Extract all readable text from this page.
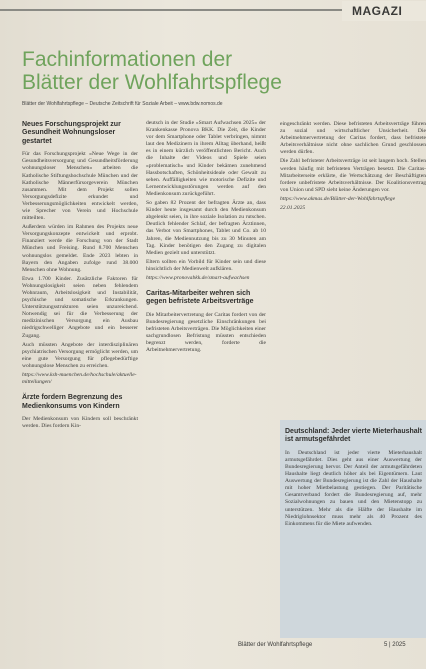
MAGAZI
Fachinformationen der
Blätter der Wohlfahrtspflege
Blätter der Wohlfahrtspflege – Deutsche Zeitschrift für Soziale Arbeit – www.bdw.nomos.de
Neues Forschungsprojekt zur Gesundheit Wohnungsloser gestartet

Für das Forschungsprojekt »Neue Wege in der Gesundheitsversorgung und Gesundheitsförderung wohnungsloser Menschen« arbeiten die Katholische Stiftungshochschule München und der Katholische Männerfürsorgeverein München zusammen. Mit dem Projekt sollen Versorgungsdefizite erkundet und Verbesserungsmöglichkeiten entwickelt werden, wie Sprecher von Verein und Hochschule mitteilten.

Außerdem würden im Rahmen des Projekts neue Versorgungskonzepte entwickelt und erprobt. Finanziert werde die Forschung von der Stadt München und Freising. Rund 8.700 Menschen wohnungslos gemeldet. Ende 2023 lebten in Bayern den Angaben zufolge rund 38.000 Menschen ohne Wohnung.

Etwa 1.700 Kinder. Zusätzliche Faktoren für Wohnungslosigkeit seien neben fehlendem Wohnraum, Arbeitslosigkeit und Instabilität, psychische und somatische Erkrankungen. Unterstützungsstrukturen seien unzureichend. Notwendig sei für die Verbesserung der medizinischen Versorgung ein Ausbau niedrigschwelliger Angebote und ein besserer Zugang.

Auch müssten Angebote der interdisziplinären psychiatrischen Versorgung ermöglicht werden, um eine gute Versorgung für pflegebedürftige wohnungslose Menschen zu erreichen.

https://www.ksh-muenchen.de/hochschule/aktuelle-mitteilungen/

Ärzte fordern Begrenzung des Medienkonsums von Kindern

Der Medienkonsum von Kindern soll beschränkt werden. Dies fordern Kin-

deutsch in der Studie »Smart Aufwachsen 2025« der Krankenkasse Pronova BKK. Die Zeit, die Kinder vor dem Smartphone oder Tablet verbringen, nimmt laut den Medizinern in ihrem Alltag überhand, heißt es in einem kürzlich veröffentlichten Bericht. Auch die Inhalte der Videos und Spiele seien »problematisch« und Kinder bekämen zunehmend Hassbotschaften, Schönheitsideale oder Gewalt zu sehen. Auffälligkeiten wie motorische Defizite und Lernentwicklungsstörungen werden auf den Medienkonsum zurückgeführt.

So gaben 82 Prozent der befragten Ärzte an, dass Kinder heute insgesamt durch den Medienkonsum abgelenkt seien, in ihre soziale Isolation zu rutschen. Deutlich fehlender Schlaf, der befragten Ärztinnen, das Verbot von Smartphones, Tablet und Co. ab 10 Jahren, die Mediennutzung bis zu 30 Minuten am Tag. Kinder benötigen den Zugang zu digitalen Medien gezielt und unterstützt.

Eltern sollten ein Vorbild für Kinder sein und diese hinsichtlich der Medienwelt aufklären.

https://www.pronovabkk.de/smart-aufwachsen

Caritas-Mitarbeiter wehren sich gegen befristete Arbeitsverträge

Die Mitarbeitervertretung der Caritas fordert von der Bundesregierung gesetzliche Einschränkungen bei befristeten Arbeitsverträgen. Die Möglichkeiten einer sachgrundlosen Befristung müssten entschieden begrenzt werden, forderte die Arbeitnehmervertretung.

eingeschränkt werden. Diese befristeten Arbeitsverträge führen zu sozial und wirtschaftlicher Unsicherheit. Die Arbeitnehmervertretung der Caritas fordert, dass befristete Arbeitsverhältnisse nicht ohne sachlichen Grund geschlossen werden dürfen.

Die Zahl befristeter Arbeitsverträge ist seit langem hoch. Stellen werden häufig mit befristeten Verträgen besetzt. Die Caritas-Mitarbeiterseite erklärte, die Wertschätzung der Beschäftigten fordere unbefristete Arbeitsverhältnisse. Der Koalitionsvertrag von Union und SPD sieht keine Änderungen vor.

https://www.akmas.de/Blätter-der-Wohlfahrtspflege

22.01.2025

Deutschland: Jeder vierte Mieterhaushalt ist armutsgefährdet

In Deutschland ist jeder vierte Mieterhaushalt armutsgefährdet. Dies geht aus einer Auswertung der Bundesregierung hervor. Der Anteil der armutsgefährdeten Haushalte liegt deutlich höher als bei Eigentümern. Laut Auswertung der Bundesregierung ist die Zahl der Haushalte mit hoher Mietbelastung gestiegen. Der Paritätische Gesamtverband fordert die Bundesregierung auf, mehr Sozialwohnungen zu bauen und den Mietenstopp zu unterstützen. Mehr als die Hälfte der Haushalte im Niedriglohnsektor muss mehr als 40 Prozent des Einkommens für die Miete aufwenden.

Blätter der Wohlfahrtspflege	5 | 2025
